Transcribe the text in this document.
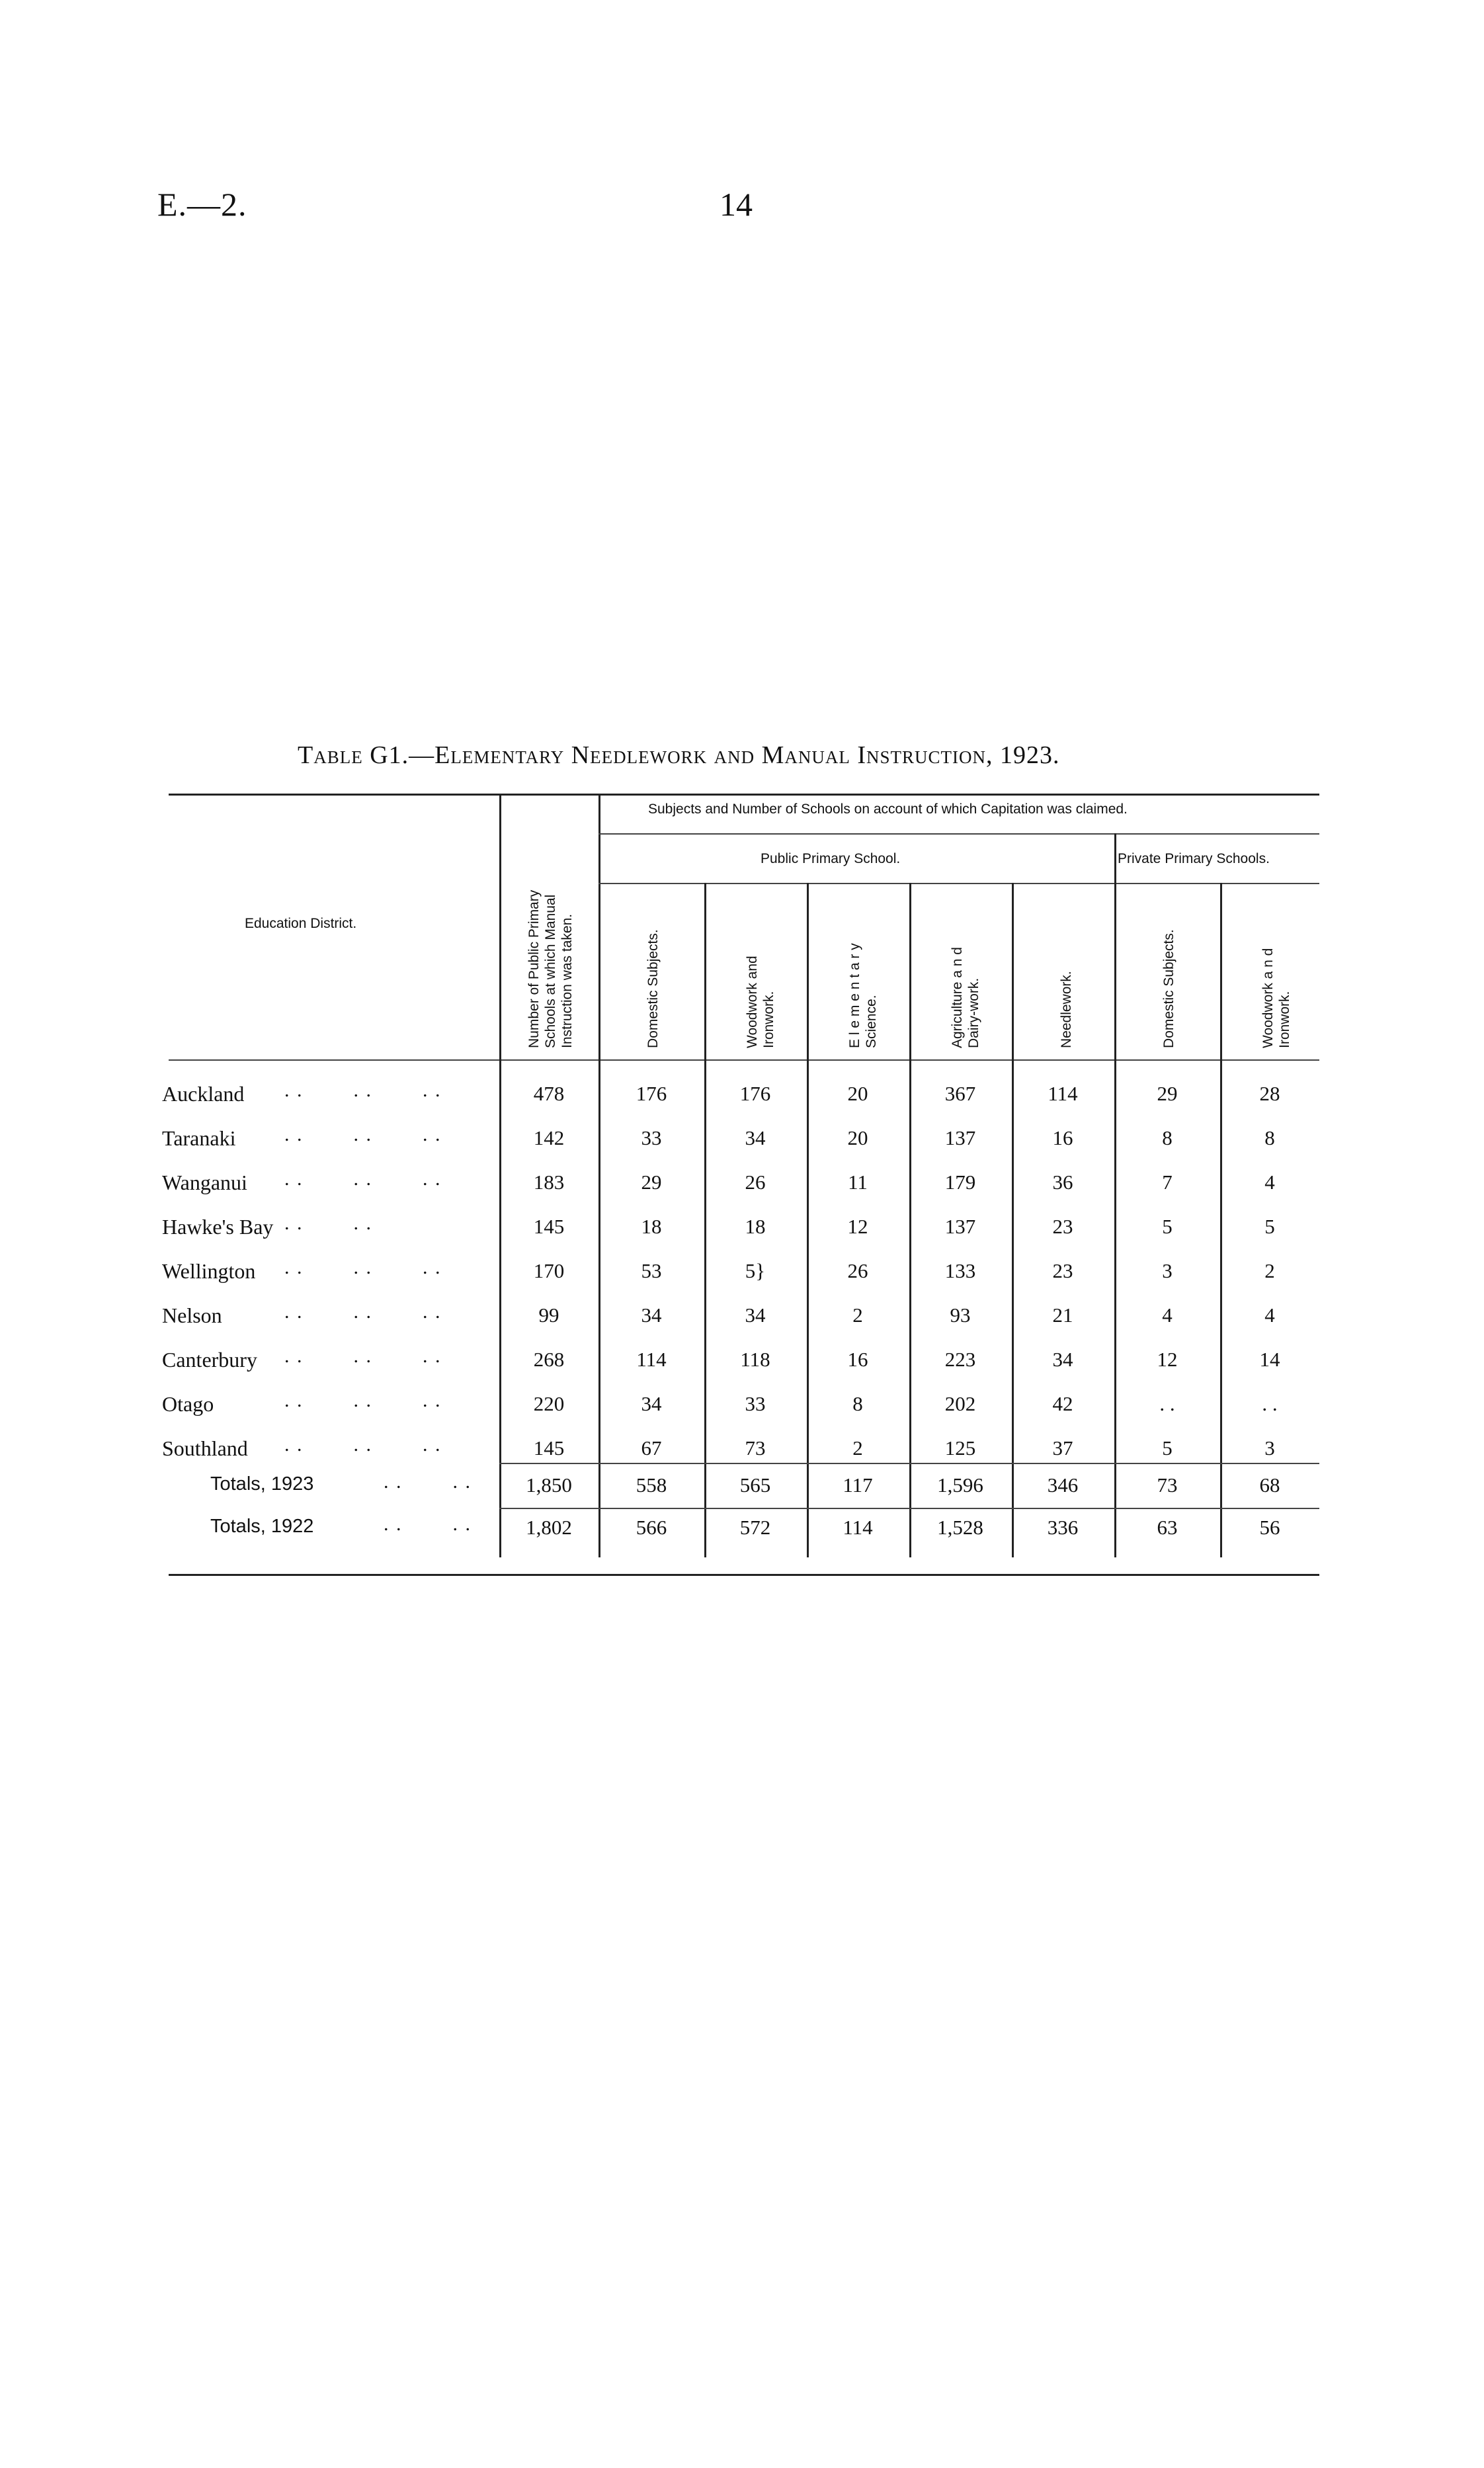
E.—2.	14
Table G1.—Elementary Needlework and Manual Instruction, 1923.
Education District.
Subjects and Number of Schools on account of which Capitation was claimed.
Public Primary School.	Private Primary Schools.
Number of Public Primary Schools at which Manual Instruction was taken.	Domestic Subjects.	Woodwork and Ironwork.	E l e m e n t a r y Science.	Agriculture a n d Dairy-work.	Needlework.	Domestic Subjects.	Woodwork a n d Ironwork.
Auckland . .        . .        . .	478	176	176	20	367	114	29	28
Taranaki . .        . .        . .	142	33	34	20	137	16	8	8
Wanganui . .        . .        . .	183	29	26	11	179	36	7	4
Hawke's Bay . .        . .	145	18	18	12	137	23	5	5
Wellington . .        . .        . .	170	53	5}	26	133	23	3	2
Nelson	. .        . .        . .	99	34	34	2	93	21	4	4
Canterbury . .        . .        . .	268	114	118	16	223	34	12	14
Otago	. .        . .        . .	220	34	33	8	202	42	. .	. .
Southland . .        . .        . .	145	67	73	2	125	37	5	3
Totals, 1923	. .        . .	1,850	558	565	117	1,596	346	73	68
Totals, 1922	. .        . .	1,802	566	572	114	1,528	336	63	56
